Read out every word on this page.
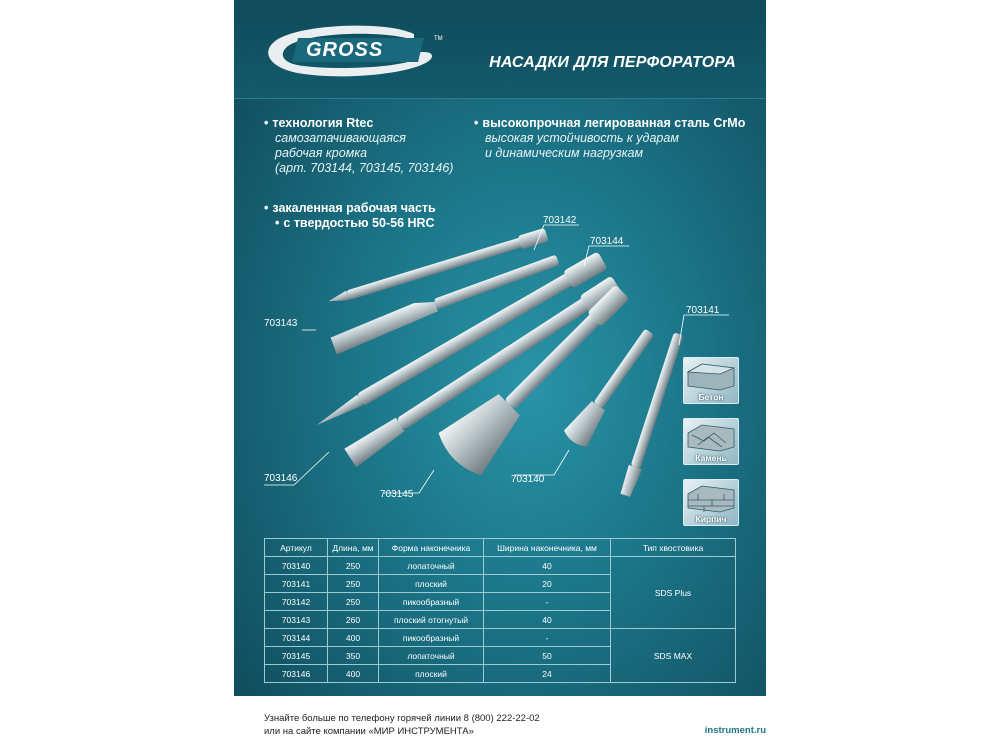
GROSS	TM
НАСАДКИ ДЛЯ ПЕРФОРАТОРА
• технология Rtec
самозатачивающаяся
рабочая кромка
(арт. 703144, 703145, 703146)
• высокопрочная легированная сталь CrMo
высокая устойчивость к ударам
и динамическим нагрузкам
• закаленная рабочая часть
• с твердостью 50-56 HRC	703142
703144
703143
703141
703146
703145
703140
Бетон
Камень
Кирпич
Артикул	Длина, мм	Форма наконечника	Ширина наконечника, мм	Тип хвостовика
703140	250	лопаточный	40	SDS Plus
703141	250	плоский	20	
703142	250	пикообразный	-	
703143	260	плоский отогнутый	40	
703144	400	пикообразный	-	SDS MAX
703145	350	лопаточный	50	
703146	400	плоский	24	
Узнайте больше по телефону горячей линии 8 (800) 222-22-02
или на сайте компании «МИР ИНСТРУМЕНТА»	instrument.ru
